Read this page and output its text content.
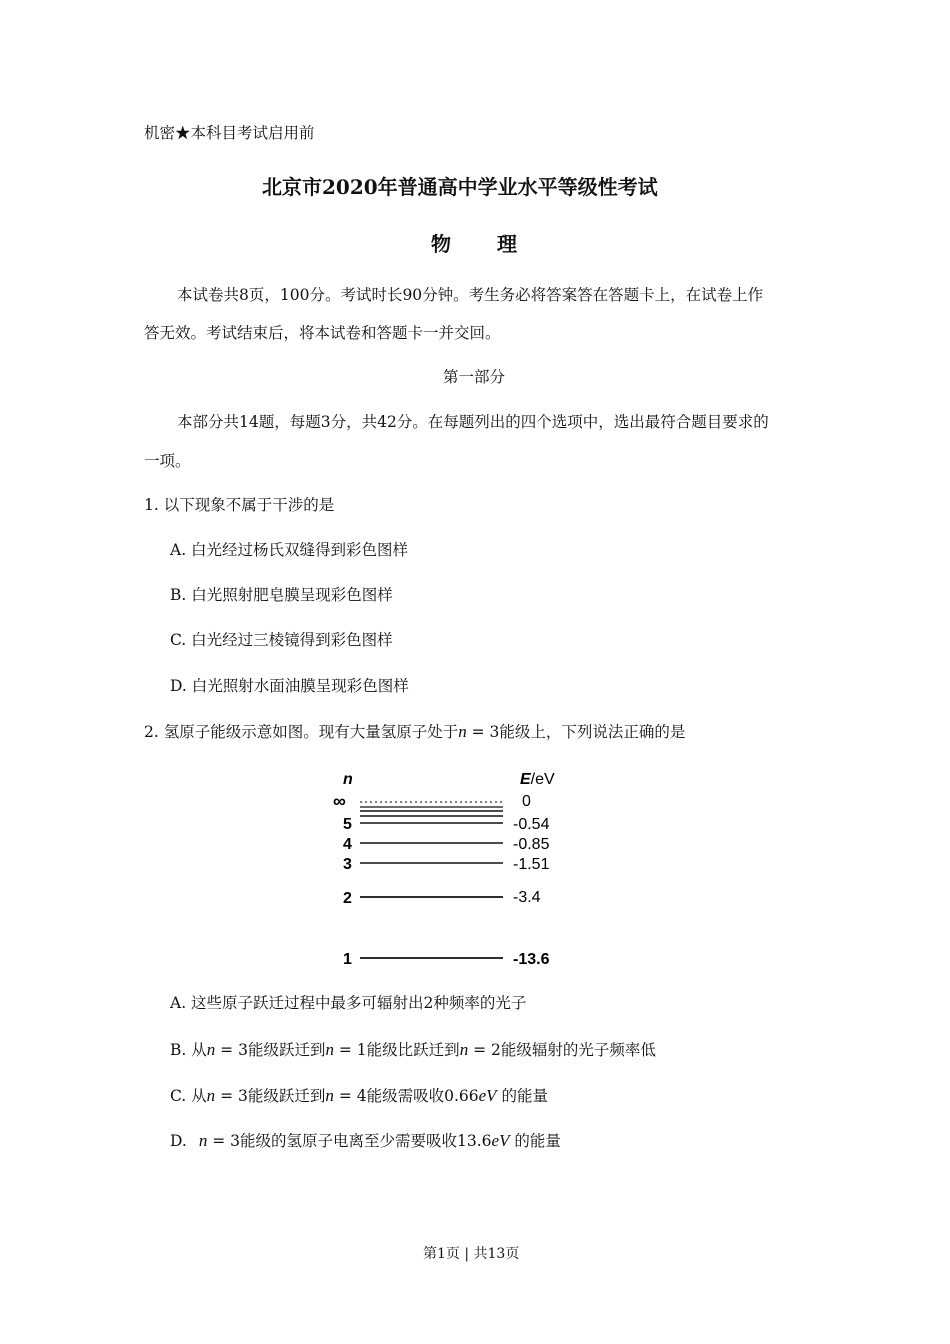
机密★本科目考试启用前
北京市2020年普通高中学业水平等级性考试
物 理
本试卷共8页，100分。考试时长90分钟。考生务必将答案答在答题卡上，在试卷上作
答无效。考试结束后，将本试卷和答题卡一并交回。
第一部分
本部分共14题，每题3分，共42分。在每题列出的四个选项中，选出最符合题目要求的
一项。
1. 以下现象不属于干涉的是
A. 白光经过杨氏双缝得到彩色图样
B. 白光照射肥皂膜呈现彩色图样
C. 白光经过三棱镜得到彩色图样
D. 白光照射水面油膜呈现彩色图样
2. 氢原子能级示意如图。现有大量氢原子处于n = 3能级上，下列说法正确的是
n	E/eV
∞
5
4
3
2
1
0
-0.54
-0.85
-1.51
-3.4
-13.6
A. 这些原子跃迁过程中最多可辐射出2种频率的光子
B. 从n = 3能级跃迁到n = 1能级比跃迁到n = 2能级辐射的光子频率低
C. 从n = 3能级跃迁到n = 4能级需吸收0.66eV 的能量
D. n = 3能级的氢原子电离至少需要吸收13.6eV 的能量
第1页 | 共13页
